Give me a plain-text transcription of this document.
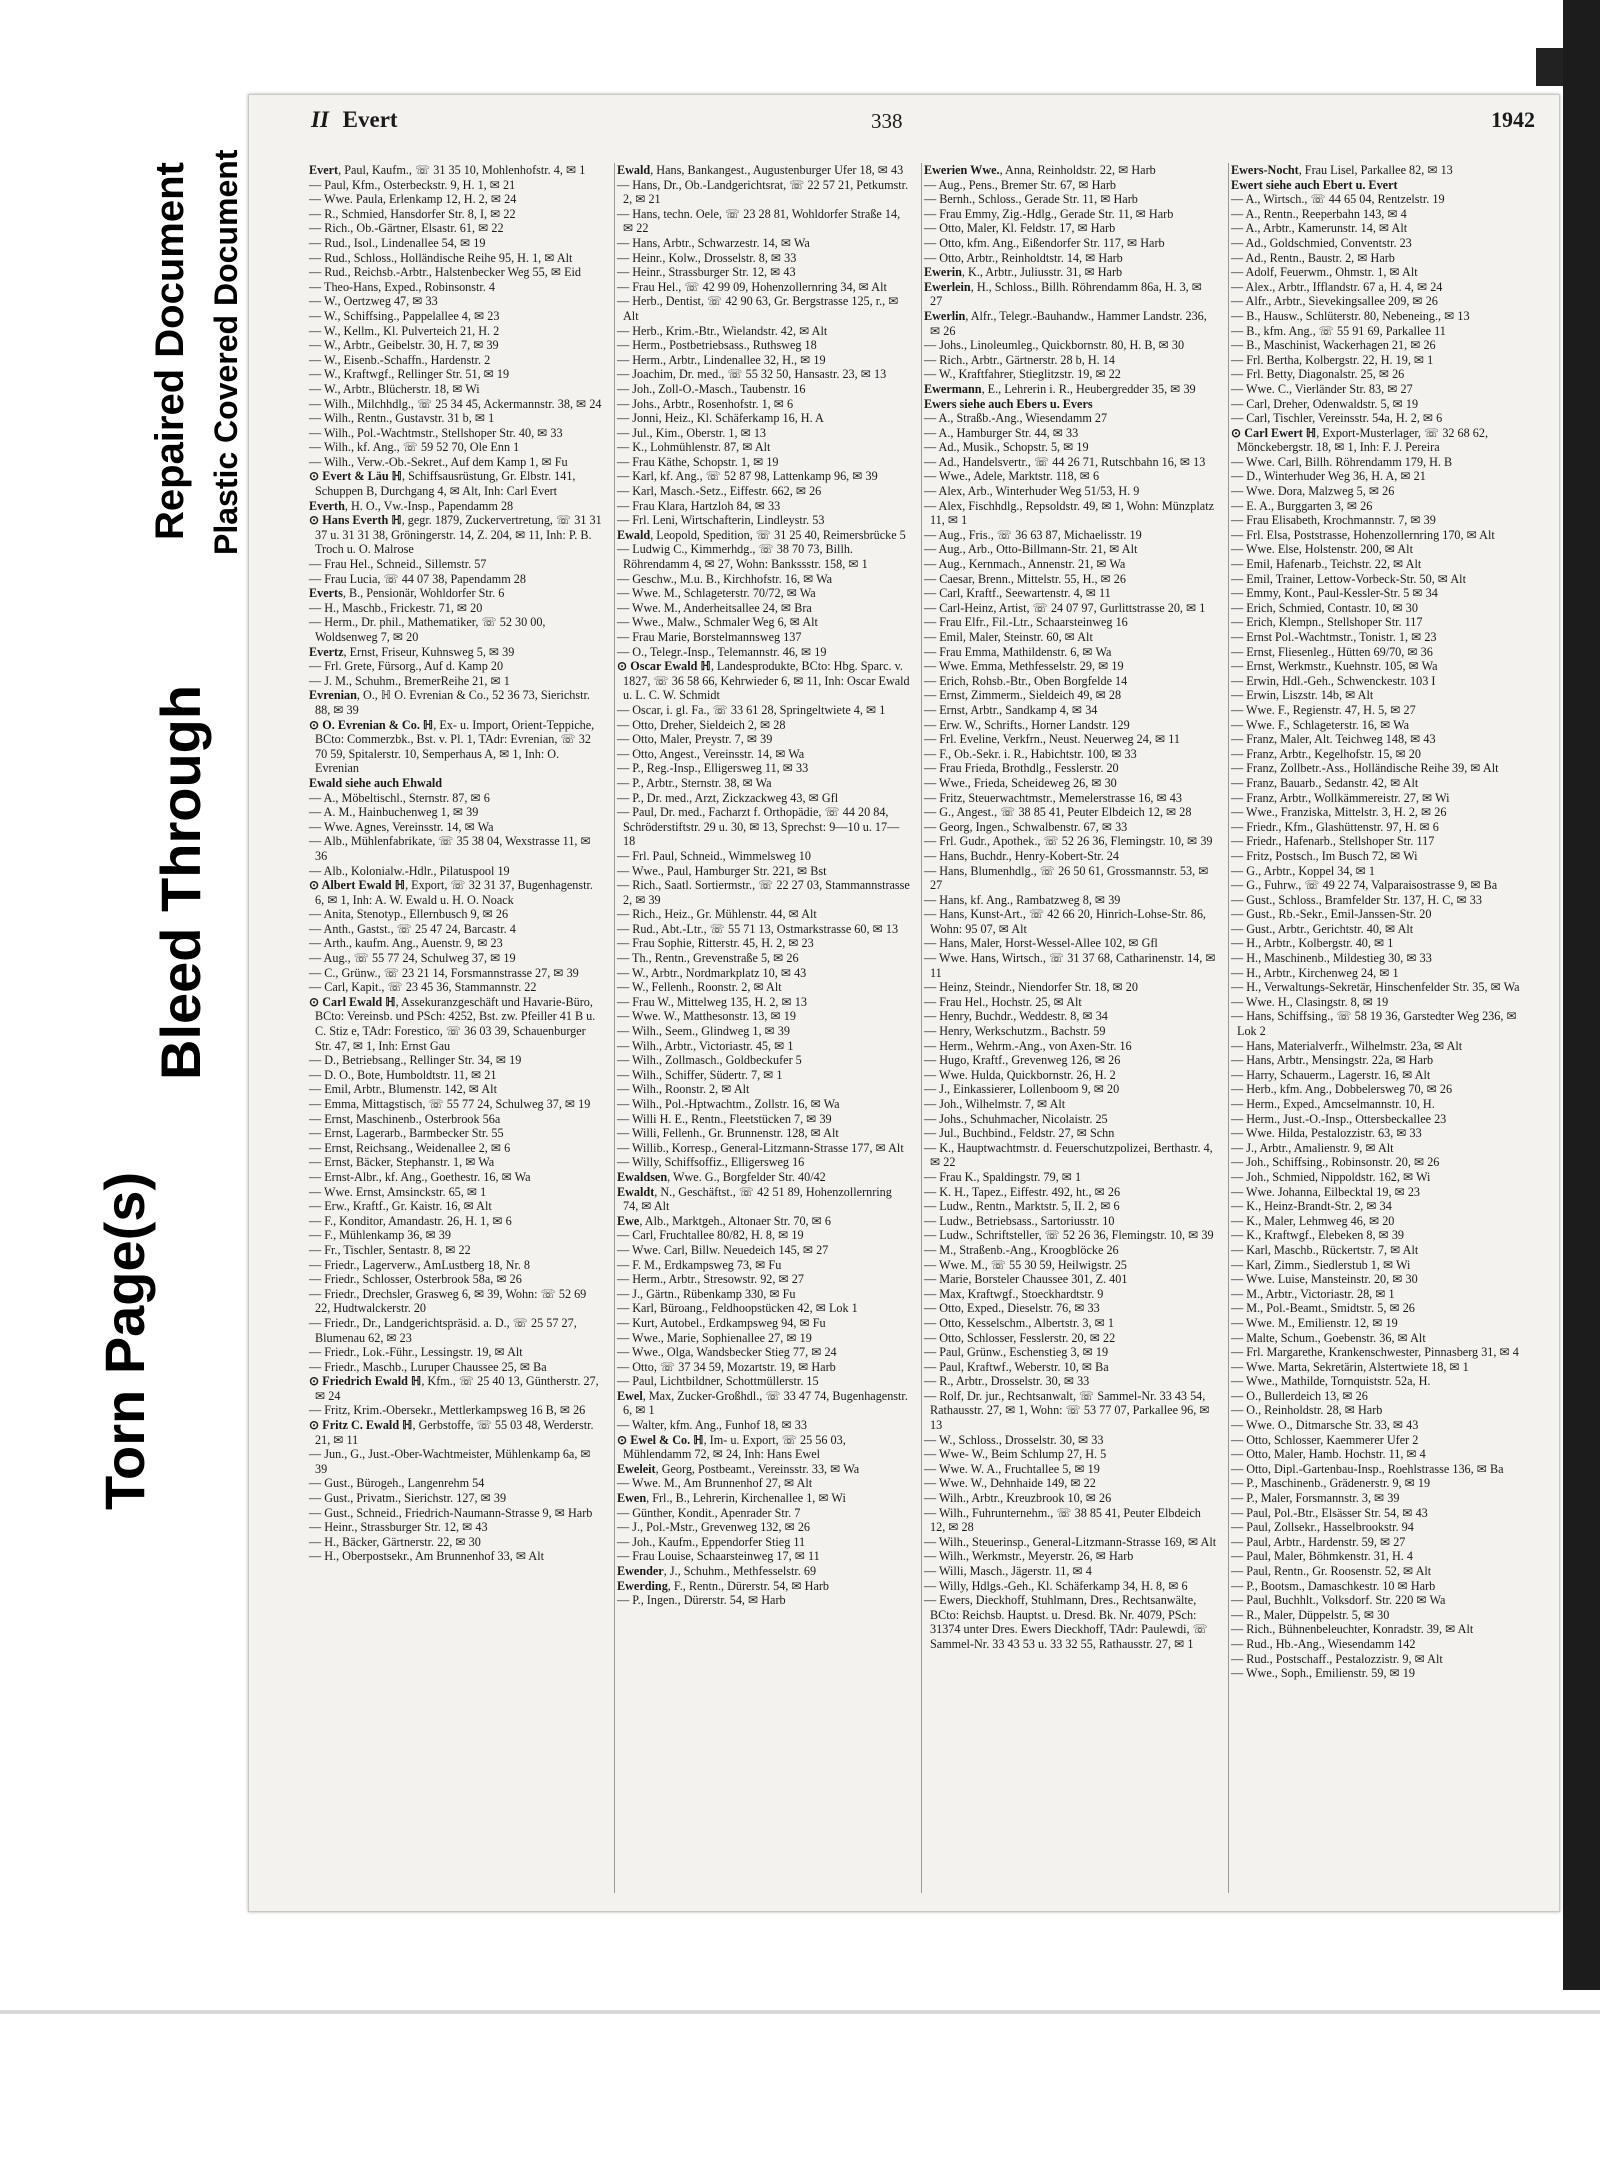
Torn Page(s)
Bleed Through
Repaired Document Plastic Covered Document
II Evert	338	1942

Evert, Paul, Kaufm., ☏ 31 35 10, Mohlenhofstr. 4, ✉ 1

— Paul, Kfm., Osterbeckstr. 9, H. 1, ✉ 21

— Wwe. Paula, Erlenkamp 12, H. 2, ✉ 24

— R., Schmied, Hansdorfer Str. 8, I, ✉ 22

— Rich., Ob.-Gärtner, Elsastr. 61, ✉ 22

— Rud., Isol., Lindenallee 54, ✉ 19

— Rud., Schloss., Holländische Reihe 95, H. 1, ✉ Alt

— Rud., Reichsb.-Arbtr., Halstenbecker Weg 55, ✉ Eid

— Theo-Hans, Exped., Robinsonstr. 4

— W., Oertzweg 47, ✉ 33

— W., Schiffsing., Pappelallee 4, ✉ 23

— W., Kellm., Kl. Pulverteich 21, H. 2

— W., Arbtr., Geibelstr. 30, H. 7, ✉ 39

— W., Eisenb.-Schaffn., Hardenstr. 2

— W., Kraftwgf., Rellinger Str. 51, ✉ 19

— W., Arbtr., Blücherstr. 18, ✉ Wi

— Wilh., Milchhdlg., ☏ 25 34 45, Ackermannstr. 38, ✉ 24

— Wilh., Rentn., Gustavstr. 31 b, ✉ 1

— Wilh., Pol.-Wachtmstr., Stellshoper Str. 40, ✉ 33

— Wilh., kf. Ang., ☏ 59 52 70, Ole Enn 1

— Wilh., Verw.-Ob.-Sekret., Auf dem Kamp 1, ✉ Fu

⊙ Evert & Läu ℍ, Schiffsausrüstung, Gr. Elbstr. 141, Schuppen B, Durchgang 4, ✉ Alt, Inh: Carl Evert

Everth, H. O., Vw.-Insp., Papendamm 28

⊙ Hans Everth ℍ, gegr. 1879, Zuckervertretung, ☏ 31 31 37 u. 31 31 38, Gröningerstr. 14, Z. 204, ✉ 11, Inh: P. B. Troch u. O. Malrose

— Frau Hel., Schneid., Sillemstr. 57

— Frau Lucia, ☏ 44 07 38, Papendamm 28

Everts, B., Pensionär, Wohldorfer Str. 6

— H., Maschb., Frickestr. 71, ✉ 20

— Herm., Dr. phil., Mathematiker, ☏ 52 30 00, Woldsenweg 7, ✉ 20

Evertz, Ernst, Friseur, Kuhnsweg 5, ✉ 39

— Frl. Grete, Fürsorg., Auf d. Kamp 20

— J. M., Schuhm., BremerReihe 21, ✉ 1

Evrenian, O., ℍ O. Evrenian & Co., 52 36 73, Sierichstr. 88, ✉ 39

⊙ O. Evrenian & Co. ℍ, Ex- u. Import, Orient-Teppiche, BCto: Commerzbk., Bst. v. Pl. 1, TAdr: Evrenian, ☏ 32 70 59, Spitalerstr. 10, Semperhaus A, ✉ 1, Inh: O. Evrenian

Ewald siehe auch Ehwald

— A., Möbeltischl., Sternstr. 87, ✉ 6

— A. M., Hainbuchenweg 1, ✉ 39

— Wwe. Agnes, Vereinsstr. 14, ✉ Wa

— Alb., Mühlenfabrikate, ☏ 35 38 04, Wexstrasse 11, ✉ 36

— Alb., Kolonialw.-Hdlr., Pilatuspool 19

⊙ Albert Ewald ℍ, Export, ☏ 32 31 37, Bugenhagenstr. 6, ✉ 1, Inh: A. W. Ewald u. H. O. Noack

— Anita, Stenotyp., Ellernbusch 9, ✉ 26

— Anth., Gastst., ☏ 25 47 24, Barcastr. 4

— Arth., kaufm. Ang., Auenstr. 9, ✉ 23

— Aug., ☏ 55 77 24, Schulweg 37, ✉ 19

— C., Grünw., ☏ 23 21 14, Forsmannstrasse 27, ✉ 39

— Carl, Kapit., ☏ 23 45 36, Stammannstr. 22

⊙ Carl Ewald ℍ, Assekuranzgeschäft und Havarie-Büro, BCto: Vereinsb. und PSch: 4252, Bst. zw. Pfeiller 41 B u. C. Stiz e, TAdr: Forestico, ☏ 36 03 39, Schauenburger Str. 47, ✉ 1, Inh: Ernst Gau

— D., Betriebsang., Rellinger Str. 34, ✉ 19

— D. O., Bote, Humboldtstr. 11, ✉ 21

— Emil, Arbtr., Blumenstr. 142, ✉ Alt

— Emma, Mittagstisch, ☏ 55 77 24, Schulweg 37, ✉ 19

— Ernst, Maschinenb., Osterbrook 56a

— Ernst, Lagerarb., Barmbecker Str. 55

— Ernst, Reichsang., Weidenallee 2, ✉ 6

— Ernst, Bäcker, Stephanstr. 1, ✉ Wa

— Ernst-Albr., kf. Ang., Goethestr. 16, ✉ Wa

— Wwe. Ernst, Amsinckstr. 65, ✉ 1

— Erw., Kraftf., Gr. Kaistr. 16, ✉ Alt

— F., Konditor, Amandastr. 26, H. 1, ✉ 6

— F., Mühlenkamp 36, ✉ 39

— Fr., Tischler, Sentastr. 8, ✉ 22

— Friedr., Lagerverw., AmLustberg 18, Nr. 8

— Friedr., Schlosser, Osterbrook 58a, ✉ 26

— Friedr., Drechsler, Grasweg 6, ✉ 39, Wohn: ☏ 52 69 22, Hudtwalckerstr. 20

— Friedr., Dr., Landgerichtspräsid. a. D., ☏ 25 57 27, Blumenau 62, ✉ 23

— Friedr., Lok.-Führ., Lessingstr. 19, ✉ Alt

— Friedr., Maschb., Luruper Chaussee 25, ✉ Ba

⊙ Friedrich Ewald ℍ, Kfm., ☏ 25 40 13, Güntherstr. 27, ✉ 24

— Fritz, Krim.-Obersekr., Mettlerkampsweg 16 B, ✉ 26

⊙ Fritz C. Ewald ℍ, Gerbstoffe, ☏ 55 03 48, Werderstr. 21, ✉ 11

— Jun., G., Just.-Ober-Wachtmeister, Mühlenkamp 6a, ✉ 39

— Gust., Bürogeh., Langenrehm 54

— Gust., Privatm., Sierichstr. 127, ✉ 39

— Gust., Schneid., Friedrich-Naumann-Strasse 9, ✉ Harb

— Heinr., Strassburger Str. 12, ✉ 43

— H., Bäcker, Gärtnerstr. 22, ✉ 30

— H., Oberpostsekr., Am Brunnenhof 33, ✉ Alt

Ewald, Hans, Bankangest., Augustenburger Ufer 18, ✉ 43

— Hans, Dr., Ob.-Landgerichtsrat, ☏ 22 57 21, Petkumstr. 2, ✉ 21

— Hans, techn. Oele, ☏ 23 28 81, Wohldorfer Straße 14, ✉ 22

— Hans, Arbtr., Schwarzestr. 14, ✉ Wa

— Heinr., Kolw., Drosselstr. 8, ✉ 33

— Heinr., Strassburger Str. 12, ✉ 43

— Frau Hel., ☏ 42 99 09, Hohenzollernring 34, ✉ Alt

— Herb., Dentist, ☏ 42 90 63, Gr. Bergstrasse 125, r., ✉ Alt

— Herb., Krim.-Btr., Wielandstr. 42, ✉ Alt

— Herm., Postbetriebsass., Ruthsweg 18

— Herm., Arbtr., Lindenallee 32, H., ✉ 19

— Joachim, Dr. med., ☏ 55 32 50, Hansastr. 23, ✉ 13

— Joh., Zoll-O.-Masch., Taubenstr. 16

— Johs., Arbtr., Rosenhofstr. 1, ✉ 6

— Jonni, Heiz., Kl. Schäferkamp 16, H. A

— Jul., Kim., Oberstr. 1, ✉ 13

— K., Lohmühlenstr. 87, ✉ Alt

— Frau Käthe, Schopstr. 1, ✉ 19

— Karl, kf. Ang., ☏ 52 87 98, Lattenkamp 96, ✉ 39

— Karl, Masch.-Setz., Eiffestr. 662, ✉ 26

— Frau Klara, Hartzloh 84, ✉ 33

— Frl. Leni, Wirtschafterin, Lindleystr. 53

Ewald, Leopold, Spedition, ☏ 31 25 40, Reimersbrücke 5

— Ludwig C., Kimmerhdg., ☏ 38 70 73, Billh. Röhrendamm 4, ✉ 27, Wohn: Bankssstr. 158, ✉ 1

— Geschw., M.u. B., Kirchhofstr. 16, ✉ Wa

— Wwe. M., Schlageterstr. 70/72, ✉ Wa

— Wwe. M., Anderheitsallee 24, ✉ Bra

— Wwe., Malw., Schmaler Weg 6, ✉ Alt

— Frau Marie, Borstelmannsweg 137

— O., Telegr.-Insp., Telemannstr. 46, ✉ 19

⊙ Oscar Ewald ℍ, Landesprodukte, BCto: Hbg. Sparc. v. 1827, ☏ 36 58 66, Kehrwieder 6, ✉ 11, Inh: Oscar Ewald u. L. C. W. Schmidt

— Oscar, i. gl. Fa., ☏ 33 61 28, Springeltwiete 4, ✉ 1

— Otto, Dreher, Sieldeich 2, ✉ 28

— Otto, Maler, Preystr. 7, ✉ 39

— Otto, Angest., Vereinsstr. 14, ✉ Wa

— P., Reg.-Insp., Elligersweg 11, ✉ 33

— P., Arbtr., Sternstr. 38, ✉ Wa

— P., Dr. med., Arzt, Zickzackweg 43, ✉ Gfl

— Paul, Dr. med., Facharzt f. Orthopädie, ☏ 44 20 84, Schröderstiftstr. 29 u. 30, ✉ 13, Sprechst: 9—10 u. 17—18

— Frl. Paul, Schneid., Wimmelsweg 10

— Wwe., Paul, Hamburger Str. 221, ✉ Bst

— Rich., Saatl. Sortiermstr., ☏ 22 27 03, Stammannstrasse 2, ✉ 39

— Rich., Heiz., Gr. Mühlenstr. 44, ✉ Alt

— Rud., Abt.-Ltr., ☏ 55 71 13, Ostmarkstrasse 60, ✉ 13

— Frau Sophie, Ritterstr. 45, H. 2, ✉ 23

— Th., Rentn., Grevenstraße 5, ✉ 26

— W., Arbtr., Nordmarkplatz 10, ✉ 43

— W., Fellenh., Roonstr. 2, ✉ Alt

— Frau W., Mittelweg 135, H. 2, ✉ 13

— Wwe. W., Matthesonstr. 13, ✉ 19

— Wilh., Seem., Glindweg 1, ✉ 39

— Wilh., Arbtr., Victoriastr. 45, ✉ 1

— Wilh., Zollmasch., Goldbeckufer 5

— Wilh., Schiffer, Südertr. 7, ✉ 1

— Wilh., Roonstr. 2, ✉ Alt

— Wilh., Pol.-Hptwachtm., Zollstr. 16, ✉ Wa

— Willi H. E., Rentn., Fleetstücken 7, ✉ 39

— Willi, Fellenh., Gr. Brunnenstr. 128, ✉ Alt

— Willib., Korresp., General-Litzmann-Strasse 177, ✉ Alt

— Willy, Schiffsoffiz., Elligersweg 16

Ewaldsen, Wwe. G., Borgfelder Str. 40/42

Ewaldt, N., Geschäftst., ☏ 42 51 89, Hohenzollernring 74, ✉ Alt

Ewe, Alb., Marktgeh., Altonaer Str. 70, ✉ 6

— Carl, Fruchtallee 80/82, H. 8, ✉ 19

— Wwe. Carl, Billw. Neuedeich 145, ✉ 27

— F. M., Erdkampsweg 73, ✉ Fu

— Herm., Arbtr., Stresowstr. 92, ✉ 27

— J., Gärtn., Rübenkamp 330, ✉ Fu

— Karl, Büroang., Feldhoopstücken 42, ✉ Lok 1

— Kurt, Autobel., Erdkampsweg 94, ✉ Fu

— Wwe., Marie, Sophienallee 27, ✉ 19

— Wwe., Olga, Wandsbecker Stieg 77, ✉ 24

— Otto, ☏ 37 34 59, Mozartstr. 19, ✉ Harb

— Paul, Lichtbildner, Schottmüllerstr. 15

Ewel, Max, Zucker-Großhdl., ☏ 33 47 74, Bugenhagenstr. 6, ✉ 1

— Walter, kfm. Ang., Funhof 18, ✉ 33

⊙ Ewel & Co. ℍ, Im- u. Export, ☏ 25 56 03, Mühlendamm 72, ✉ 24, Inh: Hans Ewel

Eweleit, Georg, Postbeamt., Vereinsstr. 33, ✉ Wa

— Wwe. M., Am Brunnenhof 27, ✉ Alt

Ewen, Frl., B., Lehrerin, Kirchenallee 1, ✉ Wi

— Günther, Kondit., Apenrader Str. 7

— J., Pol.-Mstr., Grevenweg 132, ✉ 26

— Joh., Kaufm., Eppendorfer Stieg 11

— Frau Louise, Schaarsteinweg 17, ✉ 11

Ewender, J., Schuhm., Methfesselstr. 69

Ewerding, F., Rentn., Dürerstr. 54, ✉ Harb

— P., Ingen., Dürerstr. 54, ✉ Harb

Ewerien Wwe., Anna, Reinholdstr. 22, ✉ Harb

— Aug., Pens., Bremer Str. 67, ✉ Harb

— Bernh., Schloss., Gerade Str. 11, ✉ Harb

— Frau Emmy, Zig.-Hdlg., Gerade Str. 11, ✉ Harb

— Otto, Maler, Kl. Feldstr. 17, ✉ Harb

— Otto, kfm. Ang., Eißendorfer Str. 117, ✉ Harb

— Otto, Arbtr., Reinholdtstr. 14, ✉ Harb

Ewerin, K., Arbtr., Juliusstr. 31, ✉ Harb

Ewerlein, H., Schloss., Billh. Röhrendamm 86a, H. 3, ✉ 27

Ewerlin, Alfr., Telegr.-Bauhandw., Hammer Landstr. 236, ✉ 26

— Johs., Linoleumleg., Quickbornstr. 80, H. B, ✉ 30

— Rich., Arbtr., Gärtnerstr. 28 b, H. 14

— W., Kraftfahrer, Stieglitzstr. 19, ✉ 22

Ewermann, E., Lehrerin i. R., Heubergredder 35, ✉ 39

Ewers siehe auch Ebers u. Evers

— A., Straßb.-Ang., Wiesendamm 27

— A., Hamburger Str. 44, ✉ 33

— Ad., Musik., Schopstr. 5, ✉ 19

— Ad., Handelsvertr., ☏ 44 26 71, Rutschbahn 16, ✉ 13

— Wwe., Adele, Marktstr. 118, ✉ 6

— Alex, Arb., Winterhuder Weg 51/53, H. 9

— Alex, Fischhdlg., Repsoldstr. 49, ✉ 1, Wohn: Münzplatz 11, ✉ 1

— Aug., Fris., ☏ 36 63 87, Michaelisstr. 19

— Aug., Arb., Otto-Billmann-Str. 21, ✉ Alt

— Aug., Kernmach., Annenstr. 21, ✉ Wa

— Caesar, Brenn., Mittelstr. 55, H., ✉ 26

— Carl, Kraftf., Seewartenstr. 4, ✉ 11

— Carl-Heinz, Artist, ☏ 24 07 97, Gurlittstrasse 20, ✉ 1

— Frau Elfr., Fil.-Ltr., Schaarsteinweg 16

— Emil, Maler, Steinstr. 60, ✉ Alt

— Frau Emma, Mathildenstr. 6, ✉ Wa

— Wwe. Emma, Methfesselstr. 29, ✉ 19

— Erich, Rohsb.-Btr., Oben Borgfelde 14

— Ernst, Zimmerm., Sieldeich 49, ✉ 28

— Ernst, Arbtr., Sandkamp 4, ✉ 34

— Erw. W., Schrifts., Horner Landstr. 129

— Frl. Eveline, Verkfrn., Neust. Neuerweg 24, ✉ 11

— F., Ob.-Sekr. i. R., Habichtstr. 100, ✉ 33

— Frau Frieda, Brothdlg., Fesslerstr. 20

— Wwe., Frieda, Scheideweg 26, ✉ 30

— Fritz, Steuerwachtmstr., Memelerstrasse 16, ✉ 43

— G., Angest., ☏ 38 85 41, Peuter Elbdeich 12, ✉ 28

— Georg, Ingen., Schwalbenstr. 67, ✉ 33

— Frl. Gudr., Apothek., ☏ 52 26 36, Flemingstr. 10, ✉ 39

— Hans, Buchdr., Henry-Kobert-Str. 24

— Hans, Blumenhdlg., ☏ 26 50 61, Grossmannstr. 53, ✉ 27

— Hans, kf. Ang., Rambatzweg 8, ✉ 39

— Hans, Kunst-Art., ☏ 42 66 20, Hinrich-Lohse-Str. 86, Wohn: 95 07, ✉ Alt

— Hans, Maler, Horst-Wessel-Allee 102, ✉ Gfl

— Wwe. Hans, Wirtsch., ☏ 31 37 68, Catharinenstr. 14, ✉ 11

— Heinz, Steindr., Niendorfer Str. 18, ✉ 20

— Frau Hel., Hochstr. 25, ✉ Alt

— Henry, Buchdr., Weddestr. 8, ✉ 34

— Henry, Werkschutzm., Bachstr. 59

— Herm., Wehrm.-Ang., von Axen-Str. 16

— Hugo, Kraftf., Grevenweg 126, ✉ 26

— Wwe. Hulda, Quickbornstr. 26, H. 2

— J., Einkassierer, Lollenboom 9, ✉ 20

— Joh., Wilhelmstr. 7, ✉ Alt

— Johs., Schuhmacher, Nicolaistr. 25

— Jul., Buchbind., Feldstr. 27, ✉ Schn

— K., Hauptwachtmstr. d. Feuerschutzpolizei, Berthastr. 4, ✉ 22

— Frau K., Spaldingstr. 79, ✉ 1

— K. H., Tapez., Eiffestr. 492, ht., ✉ 26

— Ludw., Rentn., Marktstr. 5, II. 2, ✉ 6

— Ludw., Betriebsass., Sartoriusstr. 10

— Ludw., Schriftsteller, ☏ 52 26 36, Flemingstr. 10, ✉ 39

— M., Straßenb.-Ang., Kroogblöcke 26

— Wwe. M., ☏ 55 30 59, Heilwigstr. 25

— Marie, Borsteler Chaussee 301, Z. 401

— Max, Kraftwgf., Stoeckhardtstr. 9

— Otto, Exped., Dieselstr. 76, ✉ 33

— Otto, Kesselschm., Albertstr. 3, ✉ 1

— Otto, Schlosser, Fesslerstr. 20, ✉ 22

— Paul, Grünw., Eschenstieg 3, ✉ 19

— Paul, Kraftwf., Weberstr. 10, ✉ Ba

— R., Arbtr., Drosselstr. 30, ✉ 33

— Rolf, Dr. jur., Rechtsanwalt, ☏ Sammel-Nr. 33 43 54, Rathausstr. 27, ✉ 1, Wohn: ☏ 53 77 07, Parkallee 96, ✉ 13

— W., Schloss., Drosselstr. 30, ✉ 33

— Wwe- W., Beim Schlump 27, H. 5

— Wwe. W. A., Fruchtallee 5, ✉ 19

— Wwe. W., Dehnhaide 149, ✉ 22

— Wilh., Arbtr., Kreuzbrook 10, ✉ 26

— Wilh., Fuhrunternehm., ☏ 38 85 41, Peuter Elbdeich 12, ✉ 28

— Wilh., Steuerinsp., General-Litzmann-Strasse 169, ✉ Alt

— Wilh., Werkmstr., Meyerstr. 26, ✉ Harb

— Willi, Masch., Jägerstr. 11, ✉ 4

— Willy, Hdlgs.-Geh., Kl. Schäferkamp 34, H. 8, ✉ 6

— Ewers, Dieckhoff, Stuhlmann, Dres., Rechtsanwälte, BCto: Reichsb. Hauptst. u. Dresd. Bk. Nr. 4079, PSch: 31374 unter Dres. Ewers Dieckhoff, TAdr: Paulewdi, ☏ Sammel-Nr. 33 43 53 u. 33 32 55, Rathausstr. 27, ✉ 1

Ewers-Nocht, Frau Lisel, Parkallee 82, ✉ 13

Ewert siehe auch Ebert u. Evert

— A., Wirtsch., ☏ 44 65 04, Rentzelstr. 19

— A., Rentn., Reeperbahn 143, ✉ 4

— A., Arbtr., Kamerunstr. 14, ✉ Alt

— Ad., Goldschmied, Conventstr. 23

— Ad., Rentn., Baustr. 2, ✉ Harb

— Adolf, Feuerwm., Ohmstr. 1, ✉ Alt

— Alex., Arbtr., Ifflandstr. 67 a, H. 4, ✉ 24

— Alfr., Arbtr., Sievekingsallee 209, ✉ 26

— B., Hausw., Schlüterstr. 80, Nebeneing., ✉ 13

— B., kfm. Ang., ☏ 55 91 69, Parkallee 11

— B., Maschinist, Wackerhagen 21, ✉ 26

— Frl. Bertha, Kolbergstr. 22, H. 19, ✉ 1

— Frl. Betty, Diagonalstr. 25, ✉ 26

— Wwe. C., Vierländer Str. 83, ✉ 27

— Carl, Dreher, Odenwaldstr. 5, ✉ 19

— Carl, Tischler, Vereinsstr. 54a, H. 2, ✉ 6

⊙ Carl Ewert ℍ, Export-Musterlager, ☏ 32 68 62, Mönckebergstr. 18, ✉ 1, Inh: F. J. Pereira

— Wwe. Carl, Billh. Röhrendamm 179, H. B

— D., Winterhuder Weg 36, H. A, ✉ 21

— Wwe. Dora, Malzweg 5, ✉ 26

— E. A., Burggarten 3, ✉ 26

— Frau Elisabeth, Krochmannstr. 7, ✉ 39

— Frl. Elsa, Poststrasse, Hohenzollernring 170, ✉ Alt

— Wwe. Else, Holstenstr. 200, ✉ Alt

— Emil, Hafenarb., Teichstr. 22, ✉ Alt

— Emil, Trainer, Lettow-Vorbeck-Str. 50, ✉ Alt

— Emmy, Kont., Paul-Kessler-Str. 5 ✉ 34

— Erich, Schmied, Contastr. 10, ✉ 30

— Erich, Klempn., Stellshoper Str. 117

— Ernst Pol.-Wachtmstr., Tonistr. 1, ✉ 23

— Ernst, Fliesenleg., Hütten 69/70, ✉ 36

— Ernst, Werkmstr., Kuehnstr. 105, ✉ Wa

— Erwin, Hdl.-Geh., Schwenckestr. 103 I

— Erwin, Liszstr. 14b, ✉ Alt

— Wwe. F., Regienstr. 47, H. 5, ✉ 27

— Wwe. F., Schlageterstr. 16, ✉ Wa

— Franz, Maler, Alt. Teichweg 148, ✉ 43

— Franz, Arbtr., Kegelhofstr. 15, ✉ 20

— Franz, Zollbetr.-Ass., Holländische Reihe 39, ✉ Alt

— Franz, Bauarb., Sedanstr. 42, ✉ Alt

— Franz, Arbtr., Wollkämmereistr. 27, ✉ Wi

— Wwe., Franziska, Mittelstr. 3, H. 2, ✉ 26

— Friedr., Kfm., Glashüttenstr. 97, H. ✉ 6

— Friedr., Hafenarb., Stellshoper Str. 117

— Fritz, Postsch., Im Busch 72, ✉ Wi

— G., Arbtr., Koppel 34, ✉ 1

— G., Fuhrw., ☏ 49 22 74, Valparaisostrasse 9, ✉ Ba

— Gust., Schloss., Bramfelder Str. 137, H. C, ✉ 33

— Gust., Rb.-Sekr., Emil-Janssen-Str. 20

— Gust., Arbtr., Gerichtstr. 40, ✉ Alt

— H., Arbtr., Kolbergstr. 40, ✉ 1

— H., Maschinenb., Mildestieg 30, ✉ 33

— H., Arbtr., Kirchenweg 24, ✉ 1

— H., Verwaltungs-Sekretär, Hinschenfelder Str. 35, ✉ Wa

— Wwe. H., Clasingstr. 8, ✉ 19

— Hans, Schiffsing., ☏ 58 19 36, Garstedter Weg 236, ✉ Lok 2

— Hans, Materialverfr., Wilhelmstr. 23a, ✉ Alt

— Hans, Arbtr., Mensingstr. 22a, ✉ Harb

— Harry, Schauerm., Lagerstr. 16, ✉ Alt

— Herb., kfm. Ang., Dobbelersweg 70, ✉ 26

— Herm., Exped., Amcselmannstr. 10, H.

— Herm., Just.-O.-Insp., Ottersbeckallee 23

— Wwe. Hilda, Pestalozzistr. 63, ✉ 33

— J., Arbtr., Amalienstr. 9, ✉ Alt

— Joh., Schiffsing., Robinsonstr. 20, ✉ 26

— Joh., Schmied, Nippoldstr. 162, ✉ Wi

— Wwe. Johanna, Eilbecktal 19, ✉ 23

— K., Heinz-Brandt-Str. 2, ✉ 34

— K., Maler, Lehmweg 46, ✉ 20

— K., Kraftwgf., Elebeken 8, ✉ 39

— Karl, Maschb., Rückertstr. 7, ✉ Alt

— Karl, Zimm., Siedlerstub 1, ✉ Wi

— Wwe. Luise, Mansteinstr. 20, ✉ 30

— M., Arbtr., Victoriastr. 28, ✉ 1

— M., Pol.-Beamt., Smidtstr. 5, ✉ 26

— Wwe. M., Emilienstr. 12, ✉ 19

— Malte, Schum., Goebenstr. 36, ✉ Alt

— Frl. Margarethe, Krankenschwester, Pinnasberg 31, ✉ 4

— Wwe. Marta, Sekretärin, Alstertwiete 18, ✉ 1

— Wwe., Mathilde, Tornquiststr. 52a, H.

— O., Bullerdeich 13, ✉ 26

— O., Reinholdstr. 28, ✉ Harb

— Wwe. O., Ditmarsche Str. 33, ✉ 43

— Otto, Schlosser, Kaemmerer Ufer 2

— Otto, Maler, Hamb. Hochstr. 11, ✉ 4

— Otto, Dipl.-Gartenbau-Insp., Roehlstrasse 136, ✉ Ba

— P., Maschinenb., Grädenerstr. 9, ✉ 19

— P., Maler, Forsmannstr. 3, ✉ 39

— Paul, Pol.-Btr., Elsässer Str. 54, ✉ 43

— Paul, Zollsekr., Hasselbrookstr. 94

— Paul, Arbtr., Hardenstr. 59, ✉ 27

— Paul, Maler, Böhmkenstr. 31, H. 4

— Paul, Rentn., Gr. Roosenstr. 52, ✉ Alt

— P., Bootsm., Damaschkestr. 10 ✉ Harb

— Paul, Buchhlt., Volksdorf. Str. 220 ✉ Wa

— R., Maler, Düppelstr. 5, ✉ 30

— Rich., Bühnenbeleuchter, Konradstr. 39, ✉ Alt

— Rud., Hb.-Ang., Wiesendamm 142

— Rud., Postschaff., Pestalozzistr. 9, ✉ Alt

— Wwe., Soph., Emilienstr. 59, ✉ 19
